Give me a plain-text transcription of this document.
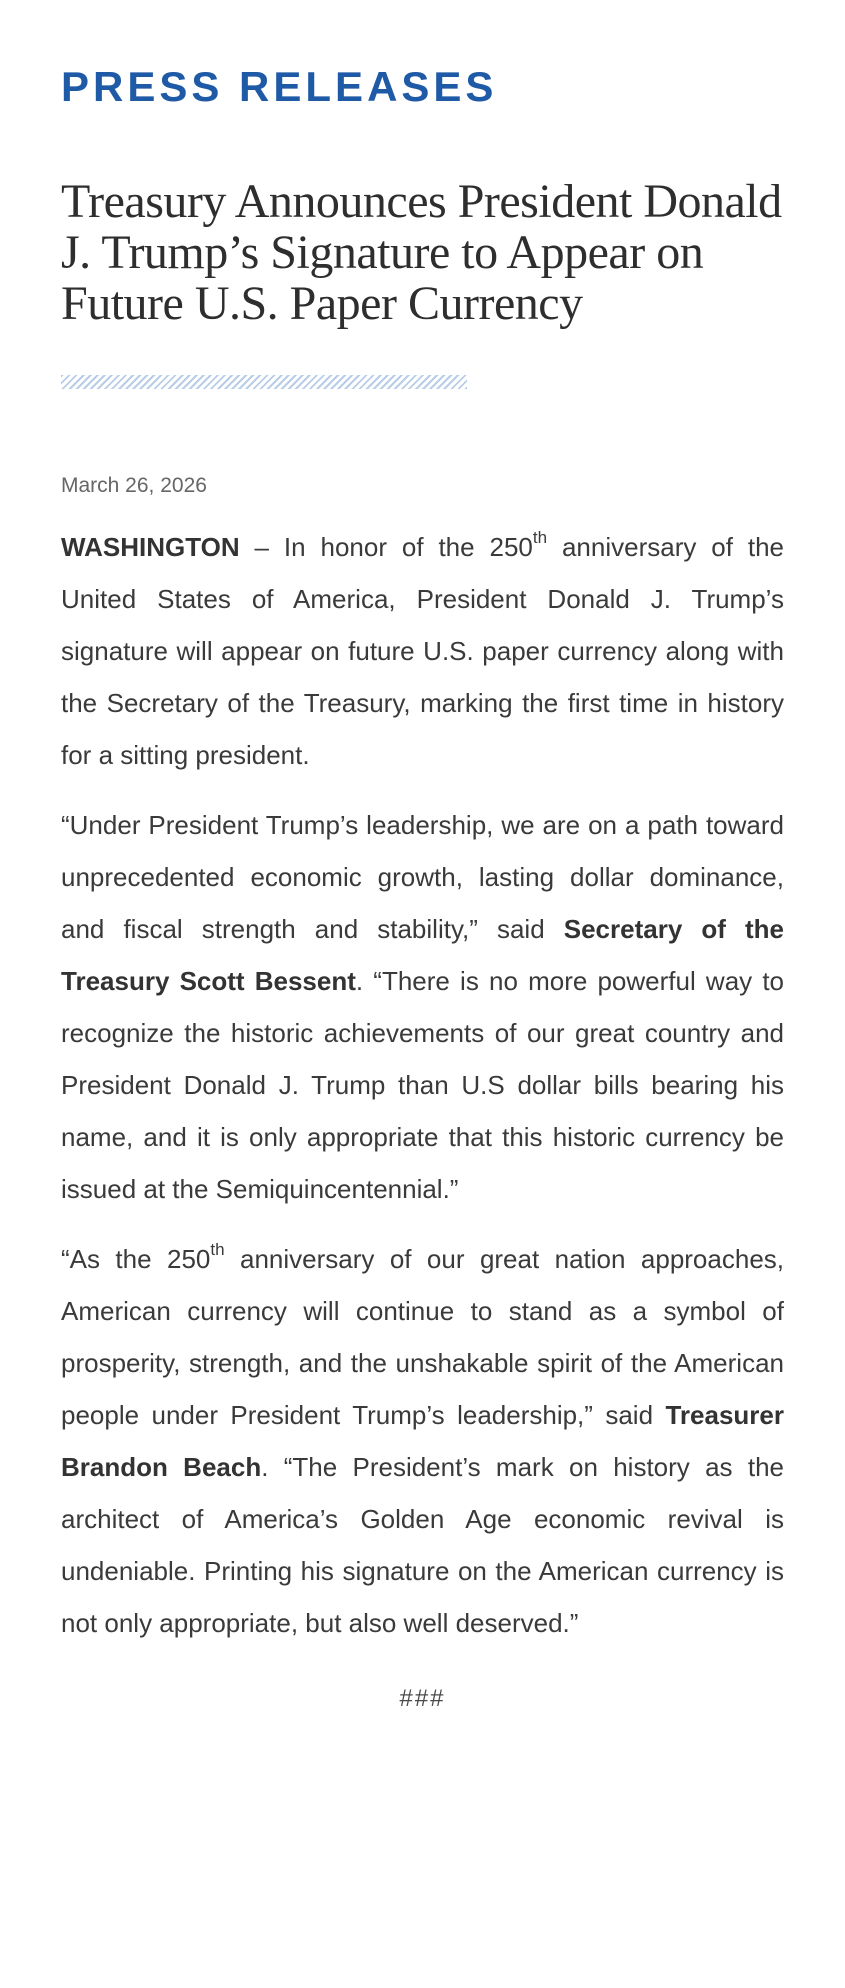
PRESS RELEASES
Treasury Announces President Donald J. Trump’s Signature to Appear on Future U.S. Paper Currency
March 26, 2026

WASHINGTON – In honor of the 250th anniversary of the United States of America, President Donald J. Trump’s signature will appear on future U.S. paper currency along with the Secretary of the Treasury, marking the first time in history for a sitting president.

“Under President Trump’s leadership, we are on a path toward unprecedented economic growth, lasting dollar dominance, and fiscal strength and stability,” said Secretary of the Treasury Scott Bessent. “There is no more powerful way to recognize the historic achievements of our great country and President Donald J. Trump than U.S dollar bills bearing his name, and it is only appropriate that this historic currency be issued at the Semiquincentennial.”

“As the 250th anniversary of our great nation approaches, American currency will continue to stand as a symbol of prosperity, strength, and the unshakable spirit of the American people under President Trump’s leadership,” said Treasurer Brandon Beach. “The President’s mark on history as the architect of America’s Golden Age economic revival is undeniable. Printing his signature on the American currency is not only appropriate, but also well deserved.”

###
